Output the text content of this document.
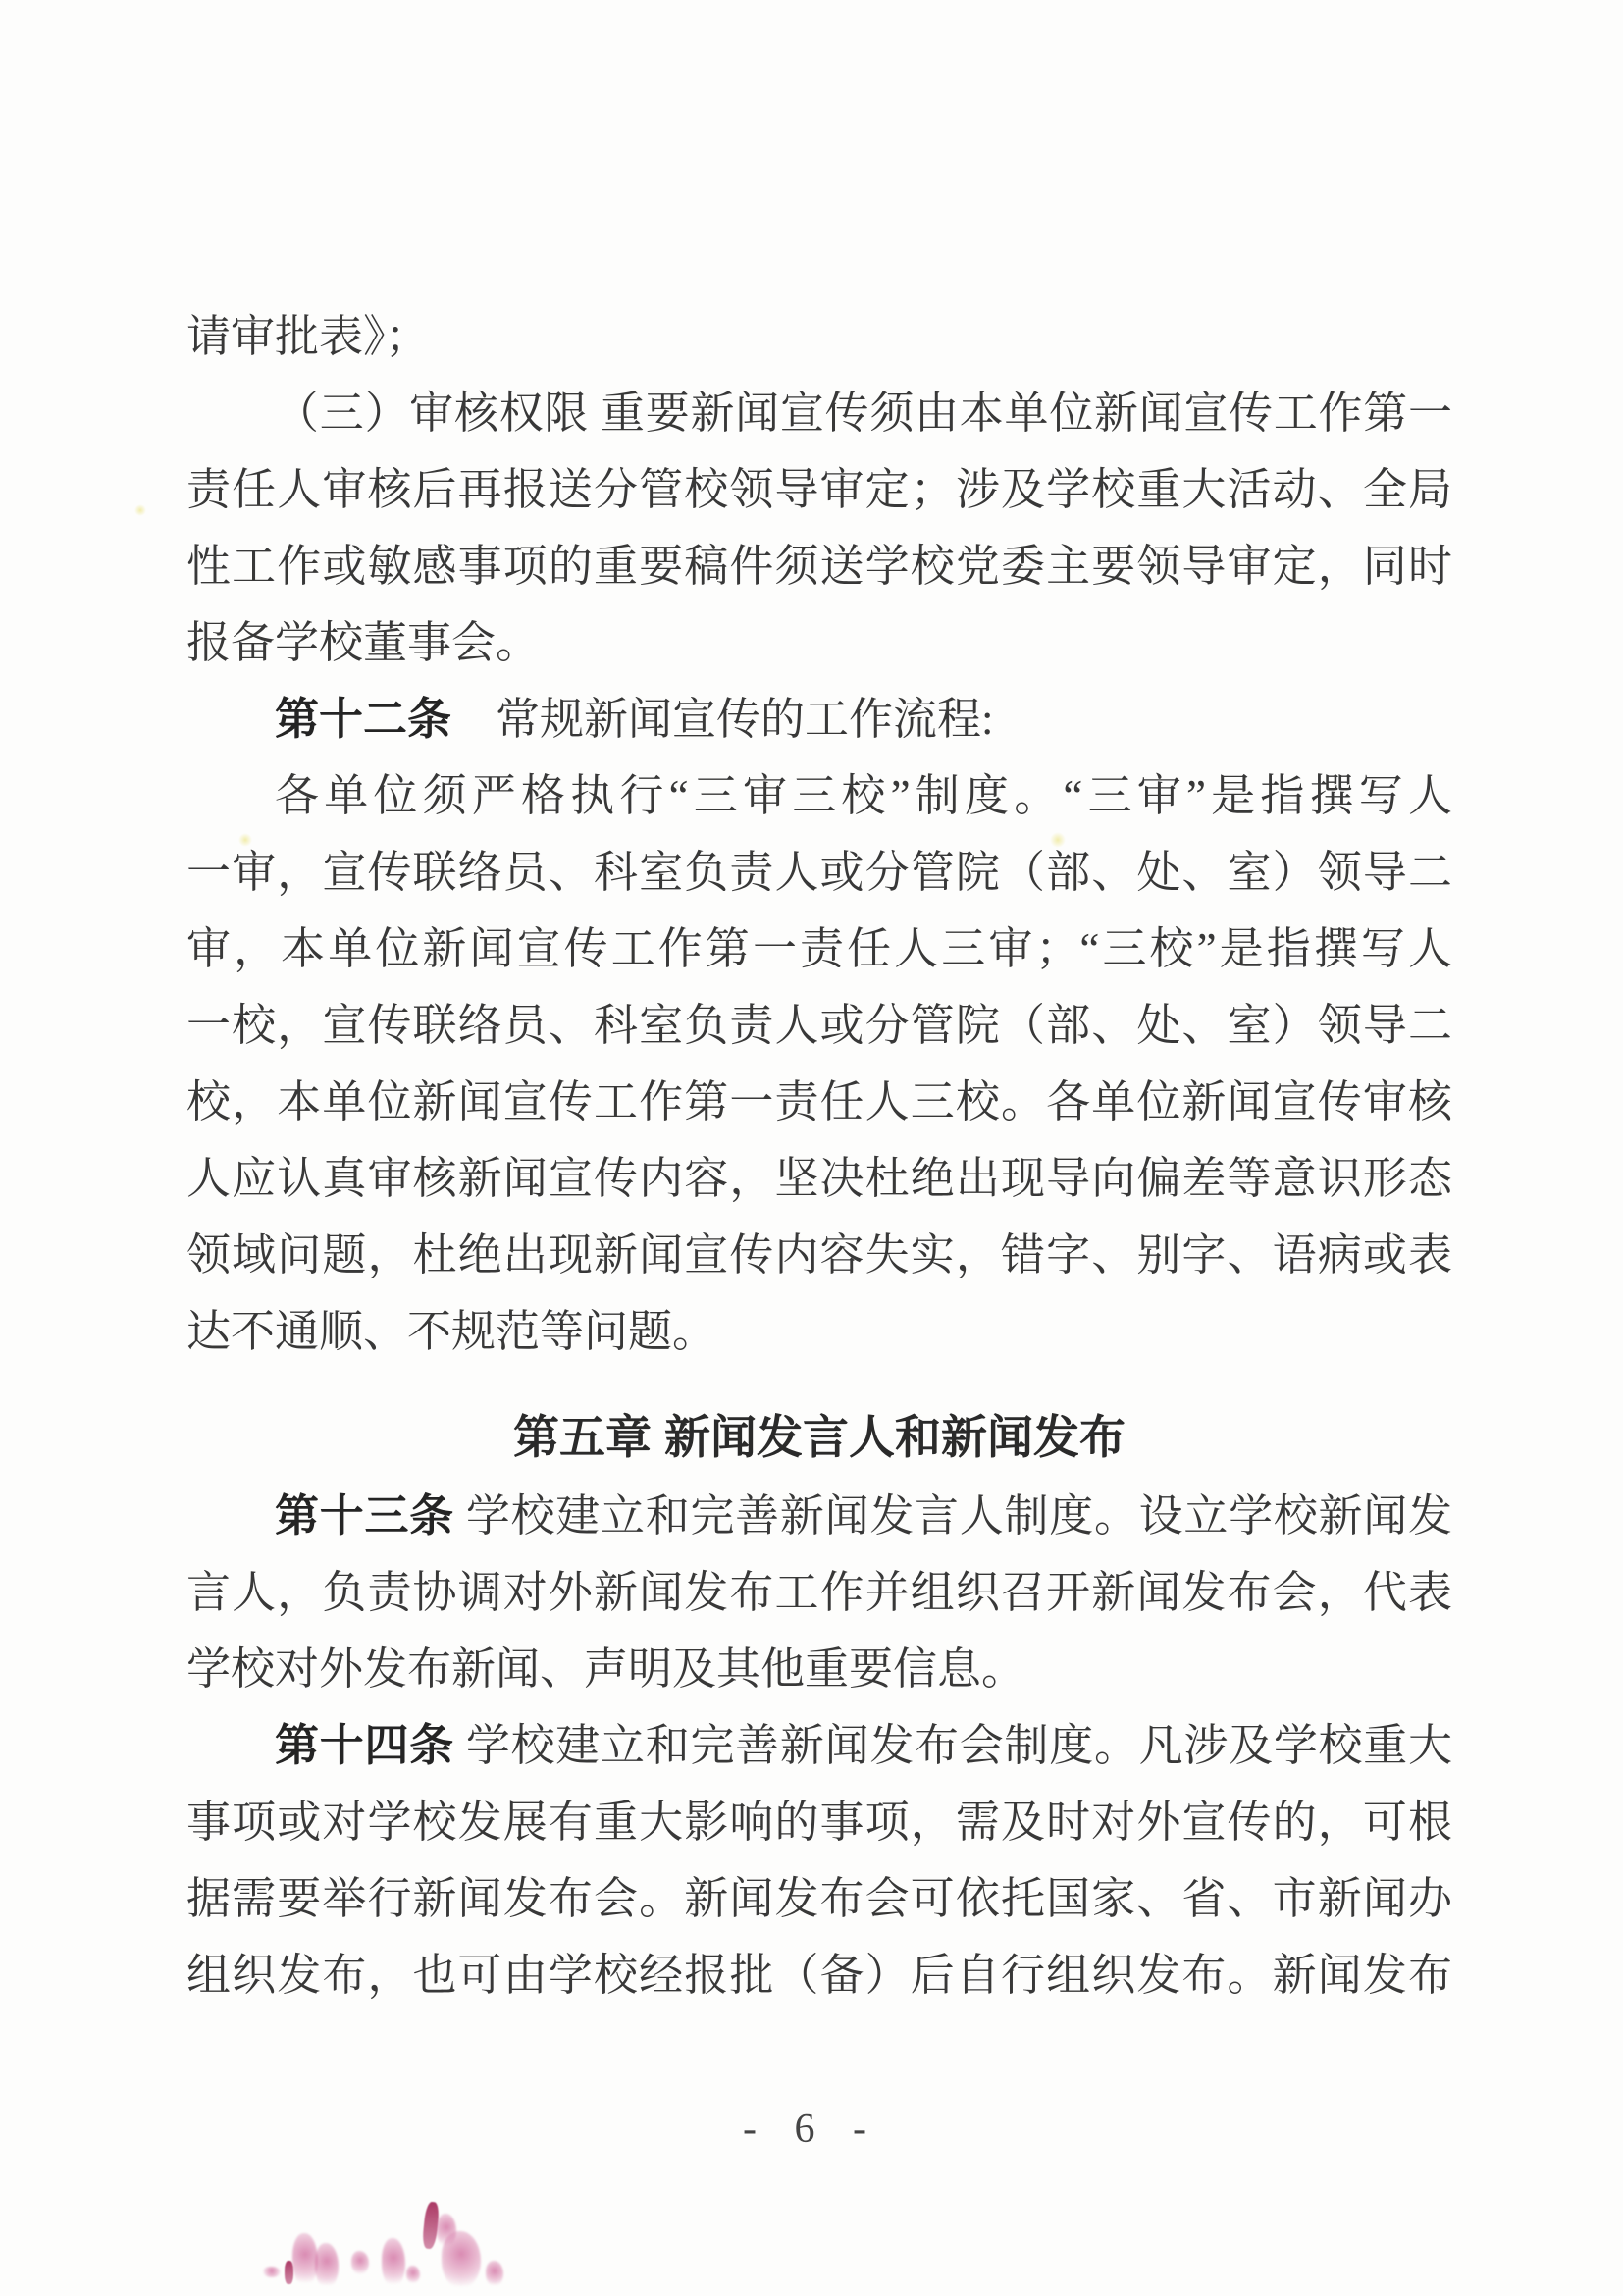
请审批表》；
（三）审核权限 重要新闻宣传须由本单位新闻宣传工作第一
责任人审核后再报送分管校领导审定；涉及学校重大活动、全局
性工作或敏感事项的重要稿件须送学校党委主要领导审定，同时
报备学校董事会。
第十二条　常规新闻宣传的工作流程:
各单位须严格执行“三审三校”制度。“三审”是指撰写人
一审，宣传联络员、科室负责人或分管院（部、处、室）领导二
审，本单位新闻宣传工作第一责任人三审；“三校”是指撰写人
一校，宣传联络员、科室负责人或分管院（部、处、室）领导二
校，本单位新闻宣传工作第一责任人三校。各单位新闻宣传审核
人应认真审核新闻宣传内容，坚决杜绝出现导向偏差等意识形态
领域问题，杜绝出现新闻宣传内容失实，错字、别字、语病或表
达不通顺、不规范等问题。
第五章 新闻发言人和新闻发布
第十三条 学校建立和完善新闻发言人制度。设立学校新闻发
言人，负责协调对外新闻发布工作并组织召开新闻发布会，代表
学校对外发布新闻、声明及其他重要信息。
第十四条 学校建立和完善新闻发布会制度。凡涉及学校重大
事项或对学校发展有重大影响的事项，需及时对外宣传的，可根
据需要举行新闻发布会。新闻发布会可依托国家、省、市新闻办
组织发布，也可由学校经报批（备）后自行组织发布。新闻发布
- 6 -
